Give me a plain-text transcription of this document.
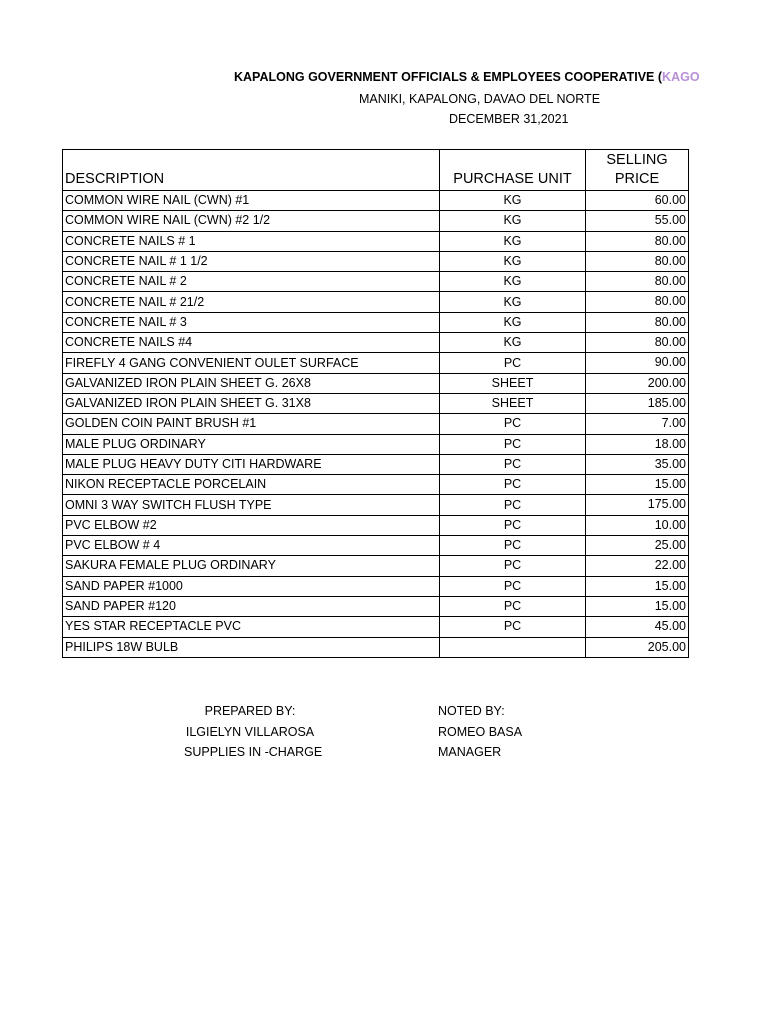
KAPALONG GOVERNMENT OFFICIALS & EMPLOYEES COOPERATIVE (KAGO
MANIKI, KAPALONG, DAVAO DEL NORTE
DECEMBER 31,2021
DESCRIPTION	PURCHASE UNIT	SELLING
PRICE
COMMON WIRE NAIL (CWN) #1	KG	60.00
COMMON WIRE NAIL (CWN) #2 1/2	KG	55.00
CONCRETE NAILS # 1	KG	80.00
CONCRETE NAIL # 1 1/2	KG	80.00
CONCRETE NAIL # 2	KG	80.00
CONCRETE NAIL # 21/2	KG	80.00
CONCRETE NAIL # 3	KG	80.00
CONCRETE NAILS #4	KG	80.00
FIREFLY 4 GANG CONVENIENT OULET SURFACE	PC	90.00
GALVANIZED IRON PLAIN SHEET G. 26X8	SHEET	200.00
GALVANIZED IRON PLAIN SHEET G. 31X8	SHEET	185.00
GOLDEN COIN PAINT BRUSH #1	PC	7.00
MALE PLUG ORDINARY	PC	18.00
MALE PLUG HEAVY DUTY CITI HARDWARE	PC	35.00
NIKON RECEPTACLE PORCELAIN	PC	15.00
OMNI 3 WAY SWITCH FLUSH TYPE	PC	175.00
PVC ELBOW #2	PC	10.00
PVC ELBOW # 4	PC	25.00
SAKURA FEMALE PLUG ORDINARY	PC	22.00
SAND PAPER #1000	PC	15.00
SAND PAPER #120	PC	15.00
YES STAR RECEPTACLE PVC	PC	45.00
PHILIPS 18W BULB		205.00
PREPARED BY:
ILGIELYN VILLAROSA
SUPPLIES IN -CHARGE
NOTED BY:
ROMEO BASA
MANAGER
